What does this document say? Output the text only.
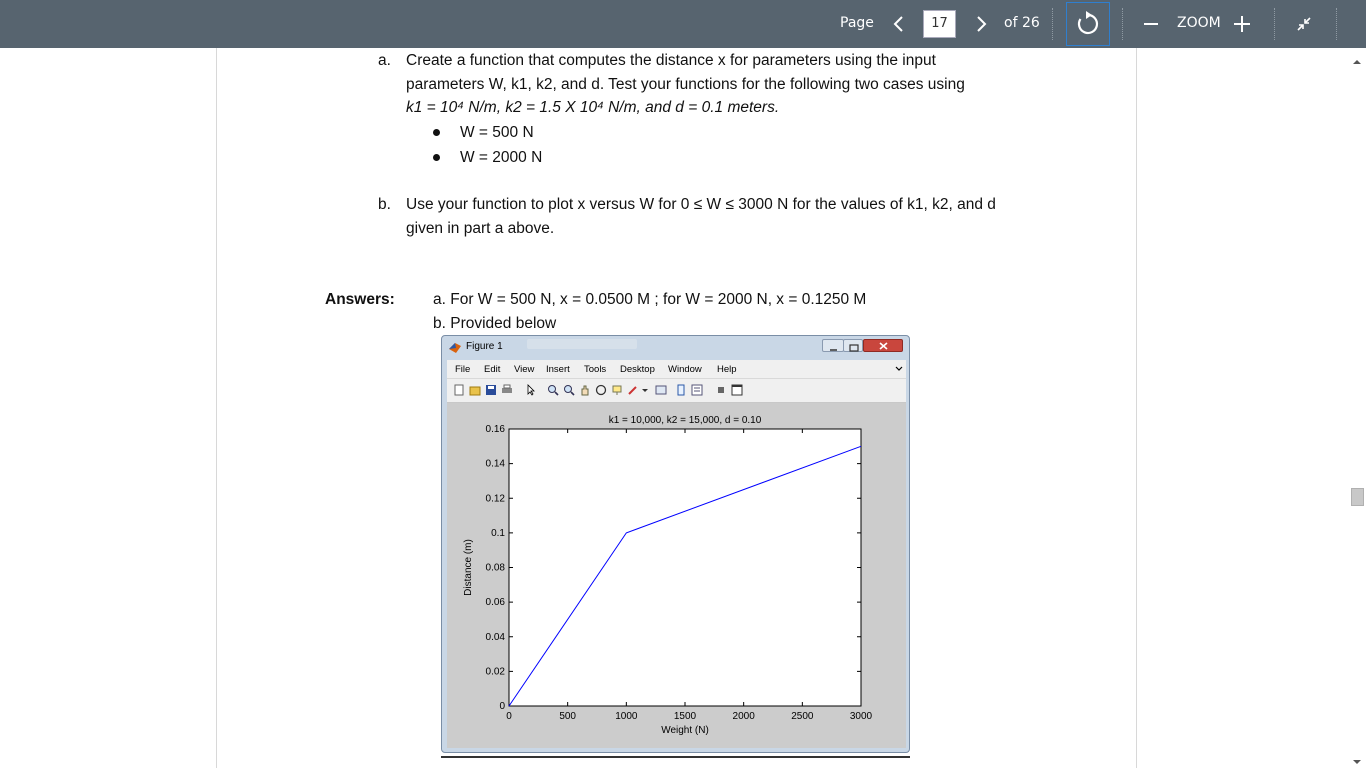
Page	17	of 26	ZOOM
a. Create a function that computes the distance x for parameters using the input
parameters W, k1, k2, and d. Test your functions for the following two cases using
k1 = 10⁴ N/m, k2 = 1.5 X 10⁴ N/m, and d = 0.1 meters.
W = 500 N
W = 2000 N
b. Use your function to plot x versus W for 0 ≤ W ≤ 3000 N for the values of k1, k2, and d
given in part a above.
Answers: a. For W = 500 N, x = 0.0500 M ; for W = 2000 N, x = 0.1250 M
b. Provided below
Figure 1
File Edit View Insert Tools Desktop Window Help
0	500	1000	1500	2000	2500	3000
0
0.02
0.04
0.06
0.08
0.1
0.12
0.14
0.16
k1 = 10,000, k2 = 15,000, d = 0.10
Weight (N)
Distance (m)
